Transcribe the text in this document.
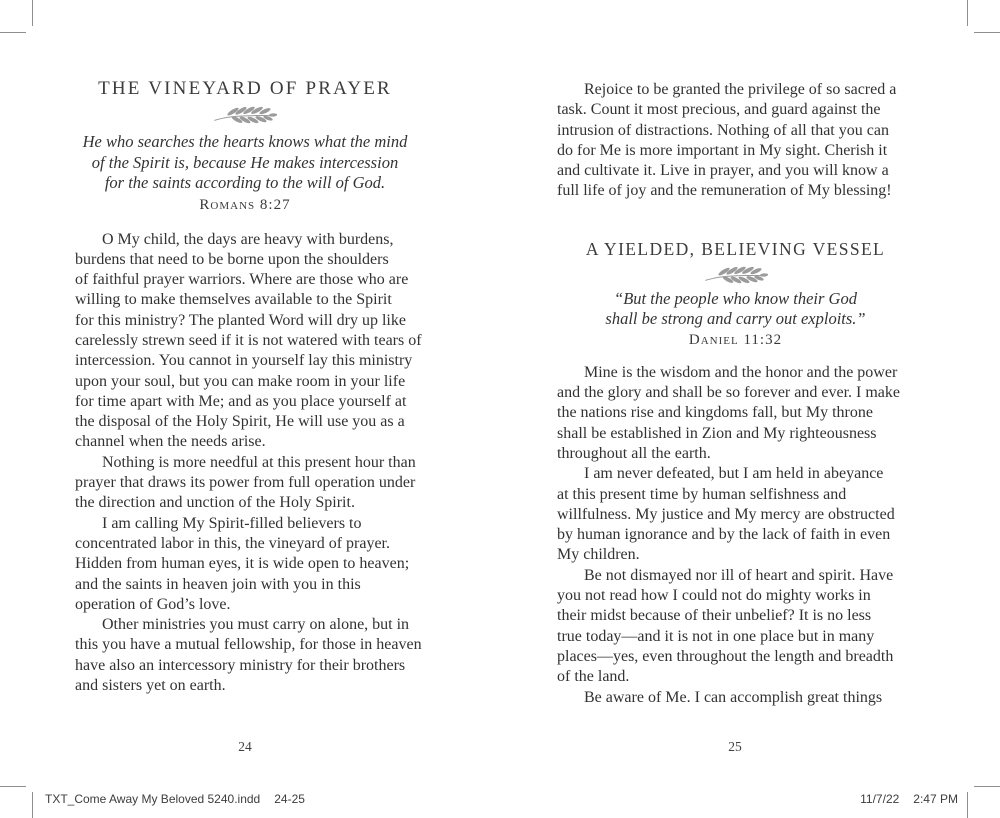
THE VINEYARD OF PRAYER
He who searches the hearts knows what the mind
of the Spirit is, because He makes intercession
for the saints according to the will of God.
Romans 8:27
O My child, the days are heavy with burdens,
burdens that need to be borne upon the shoulders
of faithful prayer warriors. Where are those who are
willing to make themselves available to the Spirit
for this ministry? The planted Word will dry up like
carelessly strewn seed if it is not watered with tears of
intercession. You cannot in yourself lay this ministry
upon your soul, but you can make room in your life
for time apart with Me; and as you place yourself at
the disposal of the Holy Spirit, He will use you as a
channel when the needs arise.
Nothing is more needful at this present hour than
prayer that draws its power from full operation under
the direction and unction of the Holy Spirit.
I am calling My Spirit-filled believers to
concentrated labor in this, the vineyard of prayer.
Hidden from human eyes, it is wide open to heaven;
and the saints in heaven join with you in this
operation of God’s love.
Other ministries you must carry on alone, but in
this you have a mutual fellowship, for those in heaven
have also an intercessory ministry for their brothers
and sisters yet on earth.
Rejoice to be granted the privilege of so sacred a
task. Count it most precious, and guard against the
intrusion of distractions. Nothing of all that you can
do for Me is more important in My sight. Cherish it
and cultivate it. Live in prayer, and you will know a
full life of joy and the remuneration of My blessing!
A YIELDED, BELIEVING VESSEL
“But the people who know their God
shall be strong and carry out exploits.”
Daniel 11:32
Mine is the wisdom and the honor and the power
and the glory and shall be so forever and ever. I make
the nations rise and kingdoms fall, but My throne
shall be established in Zion and My righteousness
throughout all the earth.
I am never defeated, but I am held in abeyance
at this present time by human selfishness and
willfulness. My justice and My mercy are obstructed
by human ignorance and by the lack of faith in even
My children.
Be not dismayed nor ill of heart and spirit. Have
you not read how I could not do mighty works in
their midst because of their unbelief? It is no less
true today—and it is not in one place but in many
places—yes, even throughout the length and breadth
of the land.
Be aware of Me. I can accomplish great things
24	25
TXT_Come Away My Beloved 5240.indd 24-25	11/7/22 2:47 PM
